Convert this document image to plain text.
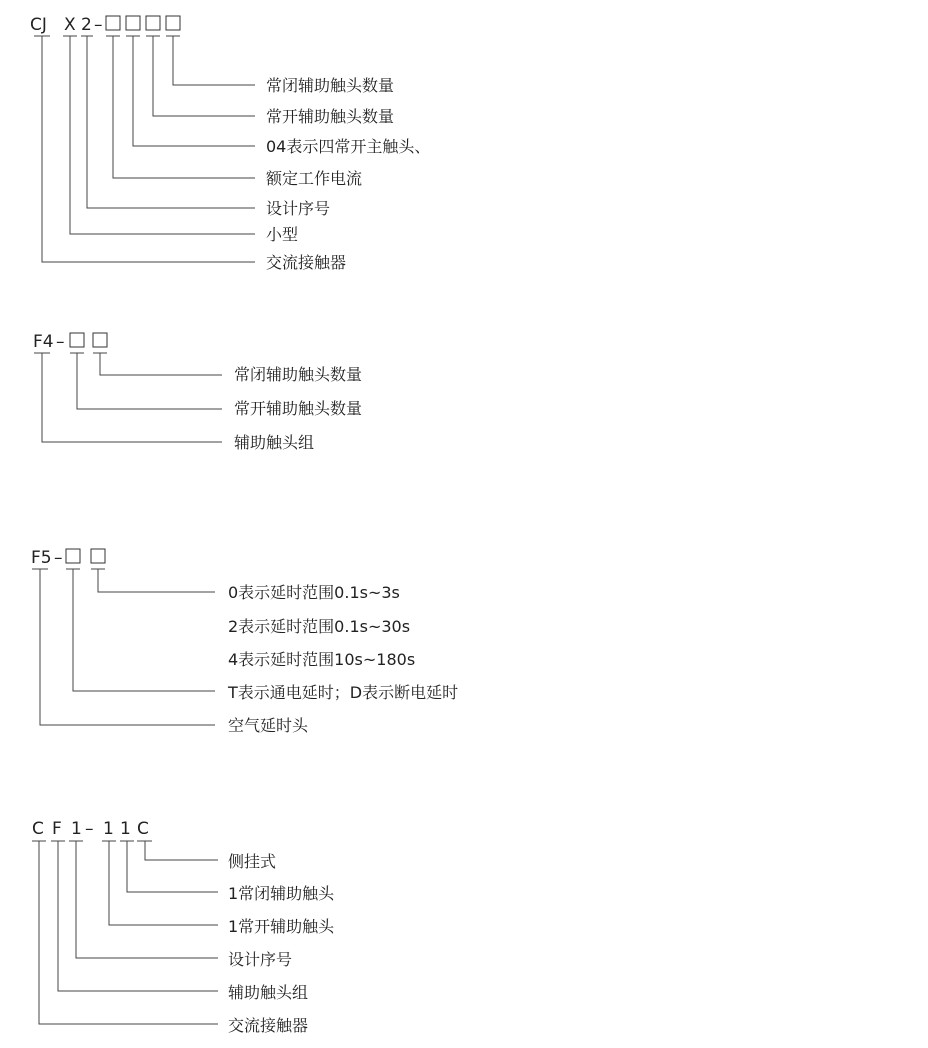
CJ X 2 –
常闭辅助触头数量
常开辅助触头数量
04表示四常开主触头、
额定工作电流
设计序号
小型
交流接触器
F4 –
常闭辅助触头数量
常开辅助触头数量
辅助触头组
F5 –
0表示延时范围0.1s~3s
2表示延时范围0.1s~30s
4表示延时范围10s~180s
T表示通电延时；D表示断电延时
空气延时头
C F 1 – 1 1 C
侧挂式
1常闭辅助触头
1常开辅助触头
设计序号
辅助触头组
交流接触器
